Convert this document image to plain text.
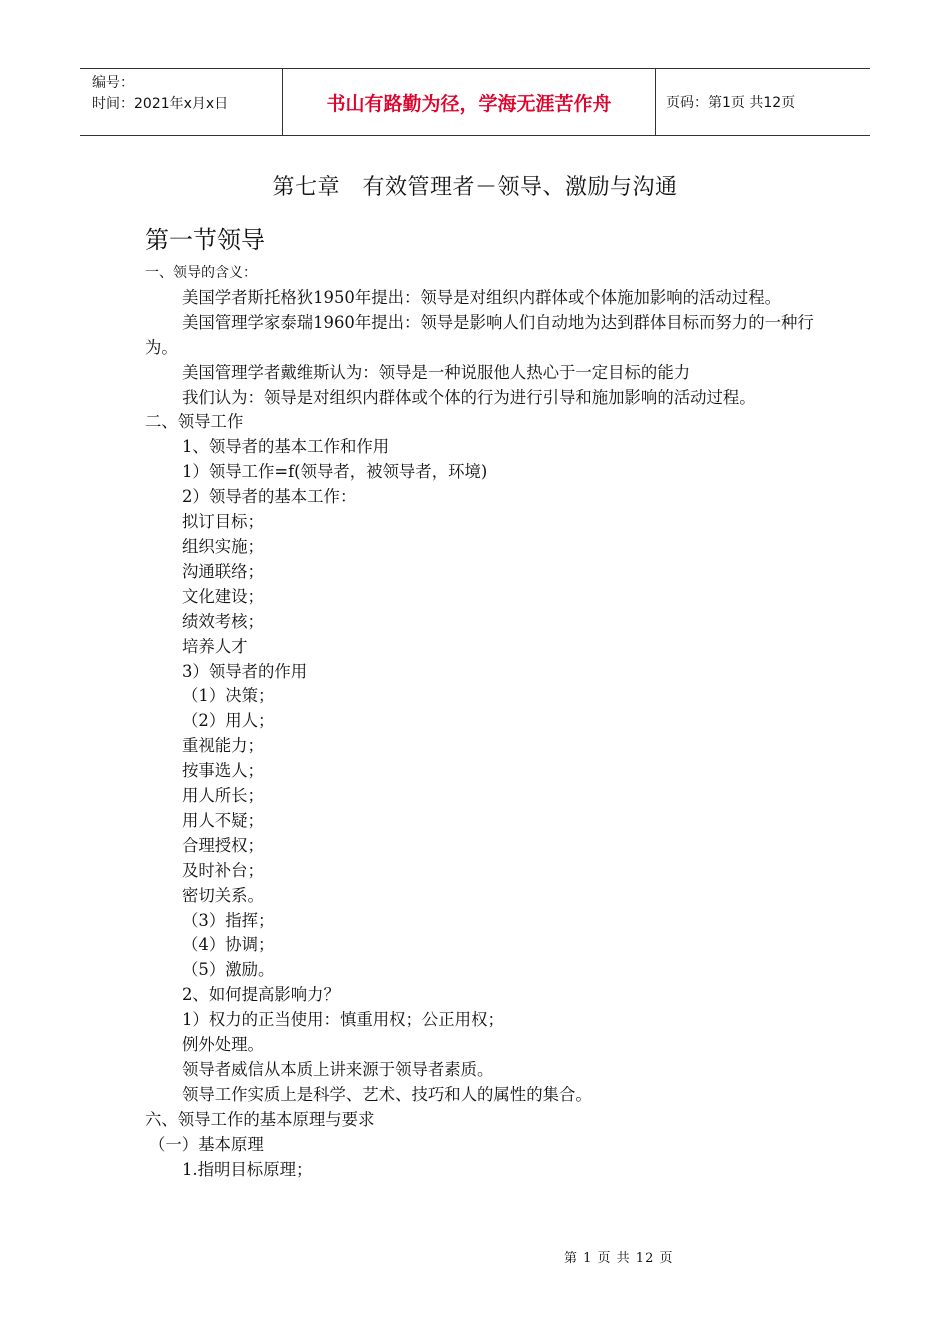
编号：
时间：2021年x月x日	书山有路勤为径，学海无涯苦作舟	页码：第1页 共12页
第七章　有效管理者－领导、激励与沟通
第一节领导

一、领导的含义：

美国学者斯托格狄1950年提出：领导是对组织内群体或个体施加影响的活动过程。

美国管理学家泰瑞1960年提出：领导是影响人们自动地为达到群体目标而努力的一种行为。

美国管理学者戴维斯认为：领导是一种说服他人热心于一定目标的能力

我们认为：领导是对组织内群体或个体的行为进行引导和施加影响的活动过程。

二、领导工作

1、领导者的基本工作和作用

1）领导工作=f(领导者，被领导者，环境)

2）领导者的基本工作：

拟订目标；

组织实施；

沟通联络；

文化建设；

绩效考核；

培养人才

3）领导者的作用

（1）决策；

（2）用人；

重视能力；

按事选人；

用人所长；

用人不疑；

合理授权；

及时补台；

密切关系。

（3）指挥；

（4）协调；

（5）激励。

2、如何提高影响力？

1）权力的正当使用：慎重用权；公正用权；

例外处理。

领导者威信从本质上讲来源于领导者素质。

领导工作实质上是科学、艺术、技巧和人的属性的集合。

六、领导工作的基本原理与要求

（一）基本原理

1.指明目标原理；

第 1 页 共 12 页
